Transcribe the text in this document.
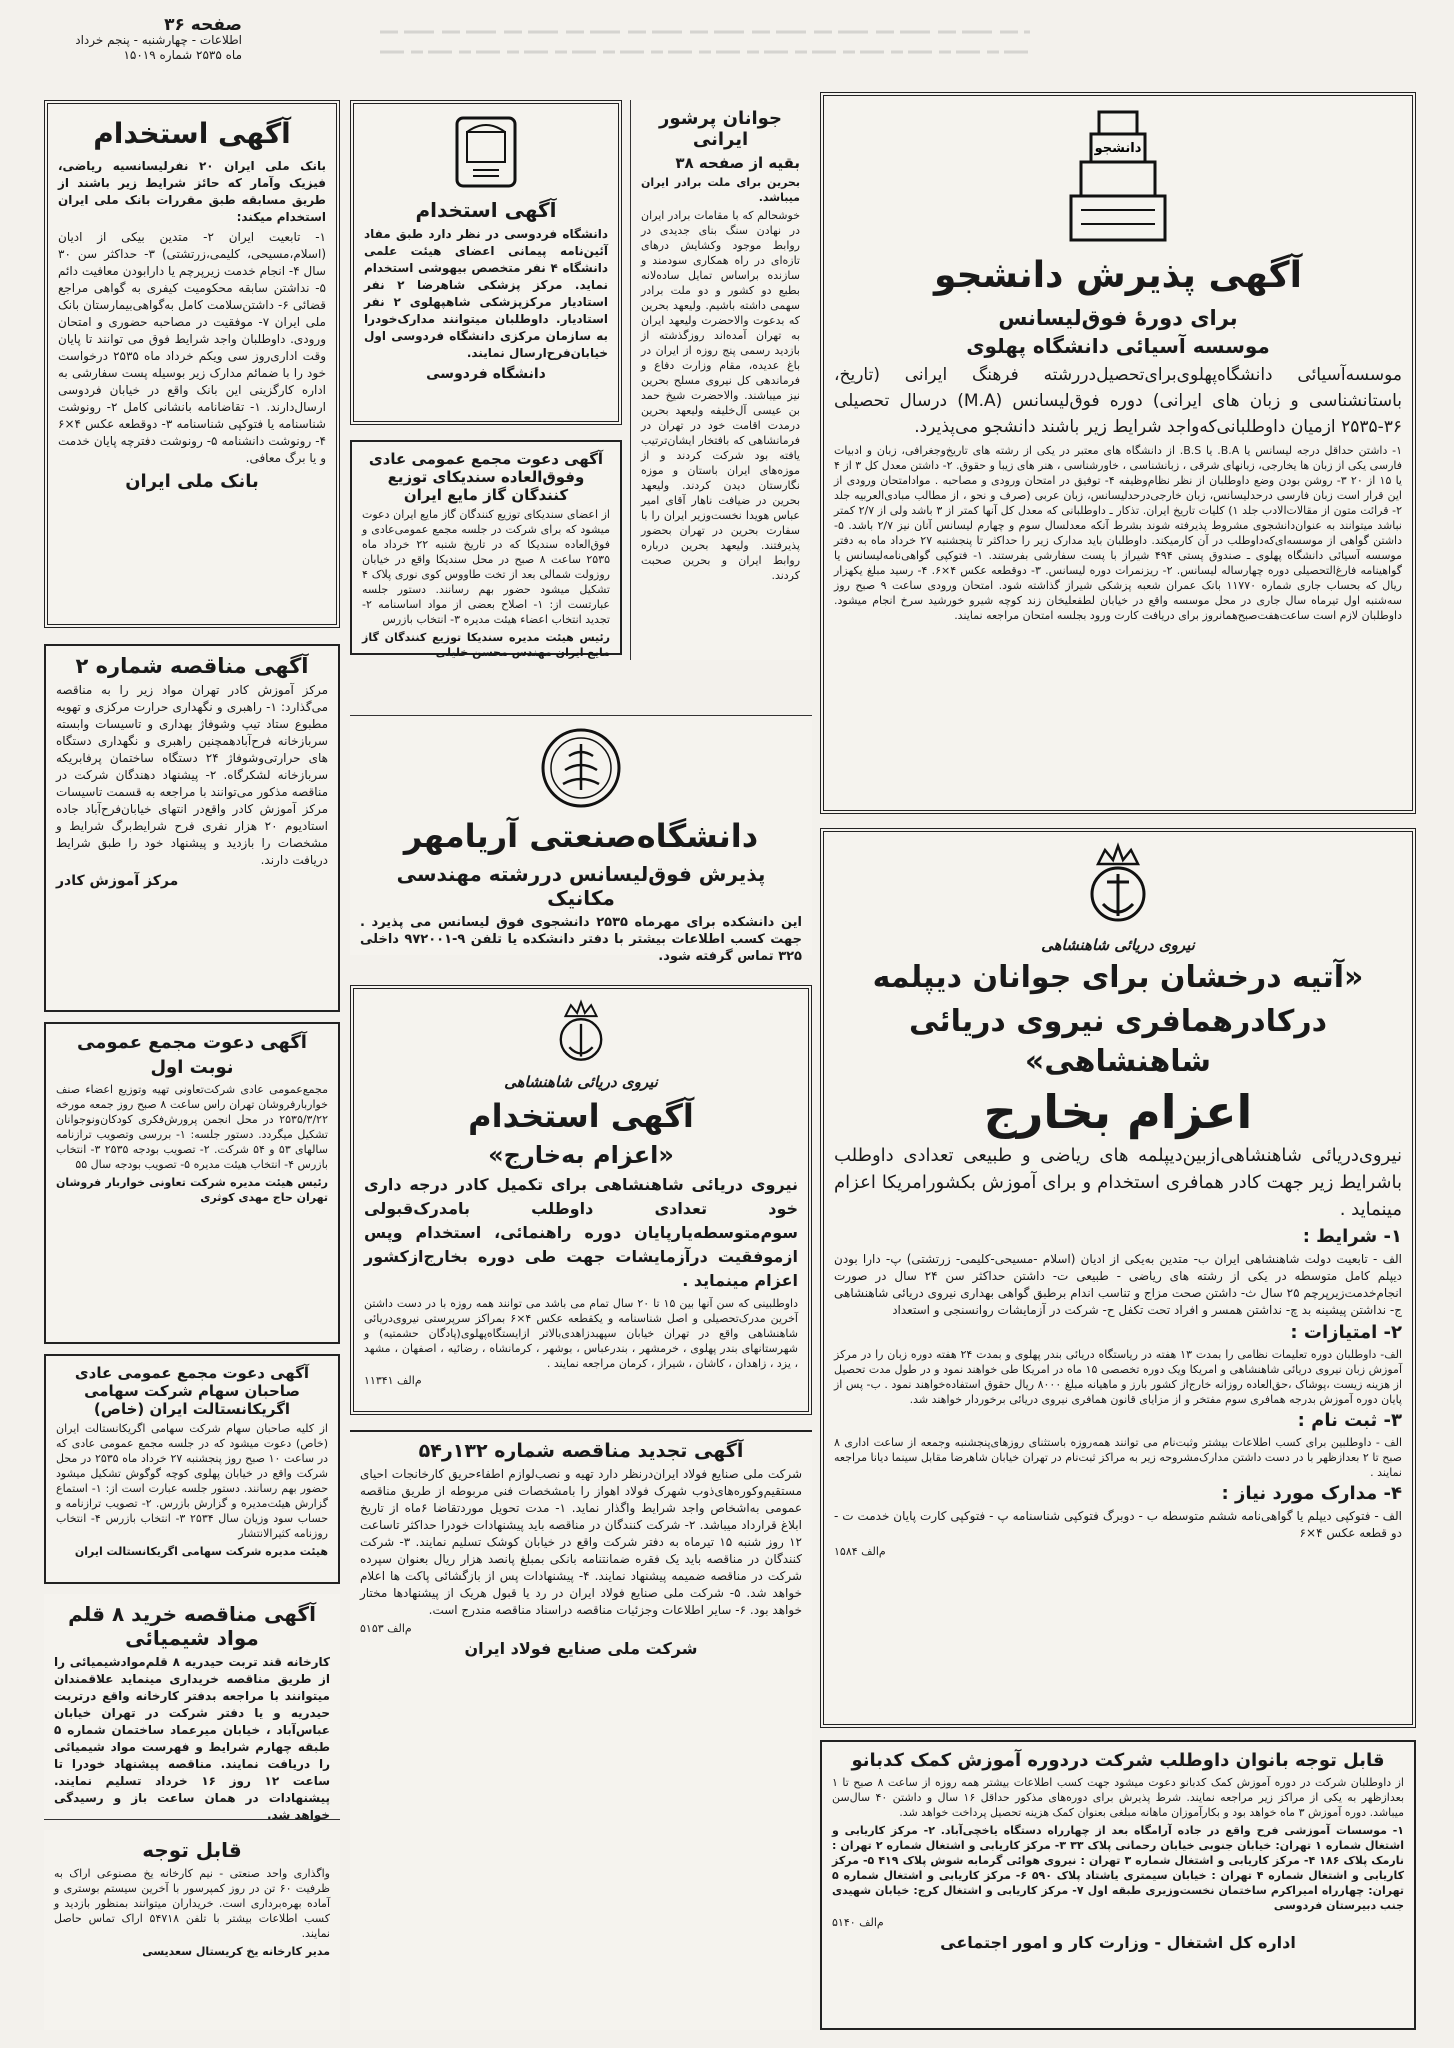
صفحه ۳۶
اطلاعات - چهارشنبه - پنجم خرداد
ماه ۲۵۳۵ شماره ۱۵۰۱۹
دانشجو
آگهی پذیرش دانشجو
برای دورهٔ فوق‌لیسانس
موسسه آسیائی دانشگاه پهلوی
موسسه‌آسیائی دانشگاه‌پهلوی‌برای‌تحصیل‌دررشته فرهنگ ایرانی (تاریخ، باستانشناسی و زبان های ایرانی) دوره فوق‌لیسانس (M.A) درسال تحصیلی ۳۶-۲۵۳۵ ازمیان داوطلبانی‌که‌واجد شرایط زیر باشند دانشجو می‌پذیرد.
۱- داشتن حداقل درجه لیسانس یا B.A. یا B.S. از دانشگاه های معتبر در یکی از رشته های تاریخ‌وجغرافی، زبان و ادبیات فارسی یکی از زبان ها یخارجی، زبانهای شرقی ، زبانشناسی ، خاورشناسی ، هنر های زیبا و حقوق. ۲- داشتن معدل کل ۳ از ۴ یا ۱۵ از ۲۰ ۳- روشن بودن وضع داوطلبان از نظر نظام‌وظیفه ۴- توفیق در امتحان ورودی و مصاحبه . موادامتحان ورودی از این قرار است زبان فارسی درحدلیسانس، زبان خارجی‌درحدلیسانس، زبان عربی (صرف و نحو ، از مطالب مبادی‌العربیه جلد ۲- قرائت متون از مقالات‌الادب جلد ۱) کلیات تاریخ ایران. تذکار ـ داوطلبانی که معدل کل آنها کمتر از ۳ باشد ولی از ۲/۷ کمتر نباشد میتوانند به عنوان‌دانشجوی مشروط پذیرفته شوند بشرط آنکه معدلسال سوم و چهارم لیسانس آنان نیز ۲/۷ باشد. ۵- داشتن گواهی از موسسه‌ای‌که‌داوطلب در آن کار‌میکند. داوطلبان باید مدارک زیر را حداکثر تا پنجشنبه ۲۷ خرداد ماه به دفتر موسسه آسیائی دانشگاه پهلوی ـ صندوق پستی ۴۹۴ شیراز با پست سفارشی بفرستند. ۱- فتوکپی گواهی‌نامه‌لیسانس یا گواهینامه فارغ‌التحصیلی دوره چهارساله لیسانس. ۲- ریزنمرات دوره لیسانس. ۳- دوقطعه عکس ۴×۶. ۴- رسید مبلغ یکهزار ریال که بحساب جاری شماره ۱۱۷۷۰ بانک عمران شعبه پزشکی شیراز گذاشته شود. امتحان ورودی ساعت ۹ صبح روز سه‌شنبه اول تیرماه سال جاری در محل موسسه واقع در خیابان لطفعلیخان زند کوچه شیرو خورشید سرخ انجام میشود. داوطلبان لازم است ساعت‌هفت‌صبح‌همانروز برای دریافت کارت ورود بجلسه امتحان مراجعه نمایند.
نیروی دریائی شاهنشاهی
«آتیه درخشان برای جوانان دیپلمه
درکادرهمافری نیروی دریائی شاهنشاهی»
اعزام بخارج
نیروی‌دریائی شاهنشاهی‌ازبین‌دیپلمه های ریاضی و طبیعی تعدادی داوطلب باشرایط زیر جهت کادر همافری استخدام و برای آموزش بکشورامریکا اعزام مینماید .
۱- شرایط :
الف - تابعیت دولت شاهنشاهی ایران ب- متدین به‌یکی از ادیان (اسلام -مسیحی-کلیمی- زرتشتی) پ- دارا بودن دیپلم کامل متوسطه در یکی از رشته های ریاضی - طبیعی ت- داشتن حداکثر سن ۲۴ سال در صورت انجام‌خدمت‌زیرپرچم ۲۵ سال ث- داشتن صحت مزاج و تناسب اندام برطبق گواهی بهداری نیروی دریائی شاهنشاهی ج- نداشتن پیشینه بد چ- نداشتن همسر و افراد تحت تکفل ح- شرکت در آزمایشات روانسنجی و استعداد
۲- امتیازات :
الف- داوطلبان دوره تعلیمات نظامی را بمدت ۱۳ هفته در ریاستگاه دریائی بندر پهلوی و بمدت ۲۴ هفته دوره زبان را در مرکز آموزش زبان نیروی دریائی شاهنشاهی و امریکا ویک دوره تخصصی ۱۵ ماه در امریکا طی خواهند نمود و در طول مدت تحصیل از هزینه زیست ،پوشاک ،حق‌العاده روزانه خارج‌از کشور بارز و ماهیانه مبلغ ۸۰۰۰ ریال حقوق استفاده‌خواهند نمود . ب- پس از پایان دوره آموزش بدرجه همافری سوم مفتخر و از مزایای قانون همافری نیروی دریائی برخوردار خواهند شد.
۳- ثبت نام :
الف - داوطلبین برای کسب اطلاعات بیشتر وثبت‌نام می توانند همه‌روزه باستثنای روزهای‌پنجشنبه وجمعه از ساعت اداری ۸ صبح تا ۲ بعدازظهر با در دست داشتن مدارک‌مشروحه زیر به مراکز ثبت‌نام در تهران خیابان شاهرضا مقابل سینما دیانا مراجعه نمایند .
۴- مدارک مورد نیاز :
الف - فتوکپی دیپلم یا گواهی‌نامه ششم متوسطه ب - دوبرگ فتوکپی شناسنامه پ - فتوکپی کارت پایان خدمت ت - دو قطعه عکس ۴×۶
م‌الف ۱۵۸۴
قابل توجه بانوان داوطلب شرکت دردوره آموزش کمک کدبانو
از داوطلبان شرکت در دوره آموزش کمک کدبانو دعوت میشود جهت کسب اطلاعات بیشتر همه روزه از ساعت ۸ صبح تا ۱ بعدازظهر به یکی از مراکز زیر مراجعه نمایند. شرط پذیرش برای دوره‌های مذکور حداقل ۱۶ سال و داشتن ۴۰ سال‌سن میباشد. دوره آموزش ۳ ماه خواهد بود و بکارآموزان ماهانه مبلغی بعنوان کمک هزینه تحصیل پرداخت خواهد شد.
۱- موسسات آموزشی فرح واقع در جاده آرامگاه بعد از چهارراه دستگاه یاخچی‌آباد. ۲- مرکز کاریابی و اشتغال شماره ۱ تهران‌: خیابان جنوبی خیابان رحمانی پلاک ۳۳ ۳- مرکز کاریابی و اشتغال شماره ۲ تهران : نارمک پلاک ۱۸۶ ۴- مرکز کاریابی و اشتغال شماره ۳ تهران : نیروی هوائی گرمابه شوش پلاک ۴۱۹ ۵- مرکز کاریابی و اشتغال شماره ۴ تهران : خیابان سیمتری یاشتاد پلاک ۵۹۰ ۶- مرکز کاریابی و اشتغال شماره ۵ تهران: چهارراه امیراکرم ساختمان نخست‌وزیری طبقه اول ۷- مرکز کاریابی و اشتغال کرج: خیابان شهیدی جنب دبیرستان فردوسی
م‌الف ۵۱۴۰
اداره کل اشتغال - وزارت کار و امور اجتماعی
جوانان پرشور ایرانی
بقیه از صفحه ۳۸
بحرین برای ملت برادر ایران میباشد.
خوشحالم که با مقامات برادر ایران در نهادن سنگ بنای جدیدی در روابط موجود وکشایش درهای تازه‌ای در راه همکاری سودمند و سازنده براساس تمایل ساده‌لانه بطبع دو کشور و دو ملت برادر سهمی داشته باشیم. ولیعهد بحرین که بدعوت والاحضرت ولیعهد ایران به تهران آمده‌اند روزگذشته از بازدید رسمی پنج روزه از ایران در باغ عدیده، مقام وزارت دفاع و فرماندهی کل نیروی مسلح بحرین نیز میباشند. والاحضرت شیخ حمد بن عیسی آل‌خلیفه ولیعهد بحرین درمدت اقامت خود در تهران در فرمانشاهی که بافتخار ایشان‌ترتیب یافته بود شرکت کردند و از موزه‌های ایران باستان و موزه نگارستان دیدن کردند. ولیعهد بحرین در ضیافت ناهار آقای امیر عباس هویدا نخست‌وزیر ایران را با سفارت بحرین در تهران بحضور پذیرفتند. ولیعهد بحرین درباره روابط ایران و بحرین صحبت کردند.
آگهی استخدام
دانشگاه فردوسی در نظر دارد طبق مفاد آئین‌نامه پیمانی اعضای هیئت علمی دانشگاه ۴ نفر متخصص بیهوشی استخدام نماید. مرکز پزشکی شاهرضا ۲ نفر استادیار مرکزپزشکی شاهپهلوی ۲ نفر استادیار. داوطلبان میتوانند مدارک‌خودرا به سازمان مرکزی دانشگاه فردوسی اول خیابان‌فرح‌ارسال نمایند.
دانشگاه فردوسی
آگهی دعوت مجمع عمومی عادی وفوق‌العاده سندیکای توزیع کنندگان گاز مایع ایران
از اعضای سندیکای توزیع کنندگان گاز مایع ایران دعوت میشود که برای شرکت در جلسه مجمع عمومی‌عادی و فوق‌العاده سندیکا که در تاریخ شنبه ۲۲ خرداد ماه ۲۵۳۵ ساعت ۸ صبح در محل سندیکا واقع در خیابان روزولت شمالی بعد از تخت طاووس کوی نوری پلاک ۴ تشکیل میشود حضور بهم رسانند. دستور جلسه عبارتست از: ۱- اصلاح بعضی از مواد اساسنامه ۲- تجدید انتخاب اعضاء هیئت مدیره ۳- انتخاب بازرس
رئیس هیئت مدیره سندیکا توزیع کنندگان گاز مایع ایران مهندس محسن خلیلی
دانشگاه‌صنعتی آریامهر
پذیرش فوق‌لیسانس دررشته مهندسی مکانیک
این دانشکده برای مهرماه ۲۵۳۵ دانشجوی فوق لیسانس می پذیرد . جهت کسب اطلاعات بیشتر با دفتر دانشکده یا تلفن ۹-۹۷۲۰۰۱ داخلی ۳۲۵ تماس گرفته شود.
نیروی دریائی شاهنشاهی
آگهی استخدام
«اعزام به‌خارج»
نیروی دریائی شاهنشاهی برای تکمیل کادر درجه داری خود تعدادی داوطلب بامدرک‌قبولی سوم‌متوسطه‌یارپایان دوره راهنمائی، استخدام وپس ازموفقیت درآزمایشات جهت طی دوره بخارج‌ازکشور اعزام مینماید .
داوطلبینی که سن آنها بین ۱۵ تا ۲۰ سال تمام می باشد می توانند همه روزه با در دست داشتن آخرین مدرک‌تحصیلی و اصل شناسنامه و یکقطعه عکس ۴×۶ بمراکز سرپرستی نیروی‌دریائی شاهنشاهی واقع در تهران خیابان سپهبد‌زاهدی‌بالاتر ازایستگاه‌پهلوی(پادگان حشمتیه) و شهرستانهای بندر پهلوی ، خرمشهر ، بندرعباس ، بوشهر ، کرمانشاه ، رضائیه ، اصفهان ، مشهد ، یزد ، زاهدان ، کاشان ، شیراز ، کرمان مراجعه نمایند .
م‌الف ۱۱۳۴۱
آگهی تجدید مناقصه شماره ۱۳۲ر۵۴
شرکت ملی صنایع فولاد ایران‌درنظر دارد تهیه و نصب‌لوازم اطفاءحریق کارخانجات احیای مستقیم‌وکوره‌های‌ذوب شهرک فولاد اهواز را بامشخصات فنی مربوطه از طریق مناقصه عمومی به‌اشخاص واجد شرایط واگذار نماید. ۱- مدت تحویل موردتقاضا ۶ماه از تاریخ ابلاغ قرارداد میباشد. ۲- شرکت کنندگان در مناقصه باید پیشنهادات خودرا حداکثر تاساعت ۱۲ روز شنبه ۱۵ تیرماه به دفتر شرکت واقع در خیابان کوشک تسلیم نمایند. ۳- شرکت کنندگان در مناقصه باید یک فقره ضمانتنامه بانکی بمبلغ پانصد هزار ریال بعنوان سپرده شرکت در مناقصه ضمیمه پیشنهاد نمایند. ۴- پیشنهادات پس از بازگشائی پاکت ها اعلام خواهد شد. ۵- شرکت ملی صنایع فولاد ایران در رد یا قبول هریک از پیشنهادها مختار خواهد بود. ۶- سایر اطلاعات وجزئیات مناقصه دراسناد مناقصه مندرج است.
م‌الف ۵۱۵۳
شرکت ملی صنایع فولاد ایران
آگهی استخدام
بانک ملی ایران ۲۰ نفرلیسانسیه ریاضی، فیزیک وآمار که حائز شرایط زیر باشند از طریق مسابقه طبق مقررات بانک ملی ایران استخدام میکند:
۱- تابعیت ایران ۲- متدین بیکی از ادیان (اسلام،مسیحی، کلیمی،زرتشتی) ۳- حداکثر سن ۳۰ سال ۴- انجام خدمت زیرپرچم یا دارابودن معافیت دائم ۵- نداشتن سابقه محکومیت کیفری به گواهی مراجع قضائی ۶- داشتن‌سلامت کامل به‌گواهی‌بیمارستان بانک ملی ایران ۷- موفقیت در مصاحبه حضوری و امتحان ورودی. داوطلبان واجد شرایط فوق می توانند تا پایان وقت اداری‌روز سی ویکم خرداد ماه ۲۵۳۵ درخواست خود را با ضمائم مدارک زیر بوسیله پست سفارشی به اداره کارگزینی این بانک واقع در خیابان فردوسی ارسال‌دارند. ۱- تقاضانامه بانشانی کامل ۲- رونوشت شناسنامه یا فتوکپی شناسنامه ۳- دوقطعه عکس ۴×۶ ۴- رونوشت دانشنامه ۵- رونوشت دفترچه پایان خدمت و یا برگ معافی.
بانک ملی ایران
آگهی مناقصه شماره ۲
مرکز آموزش کادر تهران مواد زیر را به مناقصه می‌گذارد: ۱- راهبری و نگهداری حرارت مرکزی و تهویه مطبوع ستاد تیپ وشوفاژ بهداری و تاسیسات وابسته سربازخانه فرح‌آبادهمچنین راهبری و نگهداری دستگاه های حرارتی‌وشوفاژ ۲۴ دستگاه ساختمان پرفابریکه سربازخانه لشکرگاه. ۲- پیشنهاد دهندگان شرکت در مناقصه مذکور می‌توانند با مراجعه به قسمت تاسیسات مرکز آموزش کادر واقع‌در انتهای خیابان‌فرح‌آباد جاده استادیوم ۲۰ هزار نفری فرح شرایط‌برگ شرایط و مشخصات را بازدید و پیشنهاد خود را طبق شرایط دریافت دارند.
مرکز آموزش کادر
آگهی دعوت مجمع عمومی
نوبت اول
مجمع‌عمومی عادی شرکت‌تعاونی تهیه وتوزیع اعضاء صنف خواربار‌فروشان تهران راس ساعت ۸ صبح روز جمعه مورخه ۲۵۳۵/۳/۲۲ در محل انجمن پرورش‌فکری کودکان‌ونوجوانان تشکیل میگردد. دستور جلسه: ۱- بررسی وتصویب ترازنامه سالهای ۵۳ و ۵۴ شرکت. ۲- تصویب بودجه ۲۵۳۵ ۳- انتخاب بازرس ۴- انتخاب هیئت مدیره ۵- تصویب بودجه سال ۵۵
رئیس هیئت مدیره شرکت تعاونی خواربار فروشان تهران حاج مهدی کوثری
آگهی دعوت مجمع عمومی عادی صاحبان سهام شرکت سهامی اگریکانستالت ایران (خاص)
از کلیه صاحبان سهام شرکت سهامی اگریکانستالت ایران (خاص) دعوت میشود که در جلسه مجمع عمومی عادی که در ساعت ۱۰ صبح روز پنجشنبه ۲۷ خرداد ماه ۲۵۳۵ در محل شرکت واقع در خیابان پهلوی کوچه گوگوش تشکیل میشود حضور بهم رسانند. دستور جلسه عبارت است از: ۱- استماع گزارش هیئت‌مدیره و گزارش بازرس. ۲- تصویب ترازنامه و حساب سود وزیان سال ۲۵۳۴ ۳- انتخاب بازرس ۴- انتخاب روزنامه کثیرالانتشار
هیئت مدیره شرکت سهامی اگریکانستالت ایران
آگهی مناقصه خرید ۸ قلم مواد شیمیائی
کارخانه قند تربت حیدریه ۸ قلم‌موادشیمیائی را از طریق مناقصه خریداری مینماید علاقمندان میتوانند با مراجعه بدفتر کارخانه واقع درتربت حیدریه و یا دفتر شرکت در تهران خیابان عباس‌آباد ، خیابان میرعماد ساختمان شماره ۵ طبقه چهارم شرایط و فهرست مواد شیمیائی را دریافت نمایند. مناقصه پیشنهاد خودرا تا ساعت ۱۲ روز ۱۶ خرداد تسلیم نمایند. پیشنهادات در همان ساعت باز و رسیدگی خواهد شد.
قابل توجه
واگذاری واحد صنعتی - نیم کارخانه یخ مصنوعی اراک به ظرفیت ۶۰ تن در روز کمپرسور با آخرین سیستم بوستری و آماده بهره‌برداری است. خریداران میتوانند بمنظور بازدید و کسب اطلاعات بیشتر با تلفن ۵۴۷۱۸ اراک تماس حاصل نمایند.
مدیر کارخانه یخ کریستال سعدیسی
